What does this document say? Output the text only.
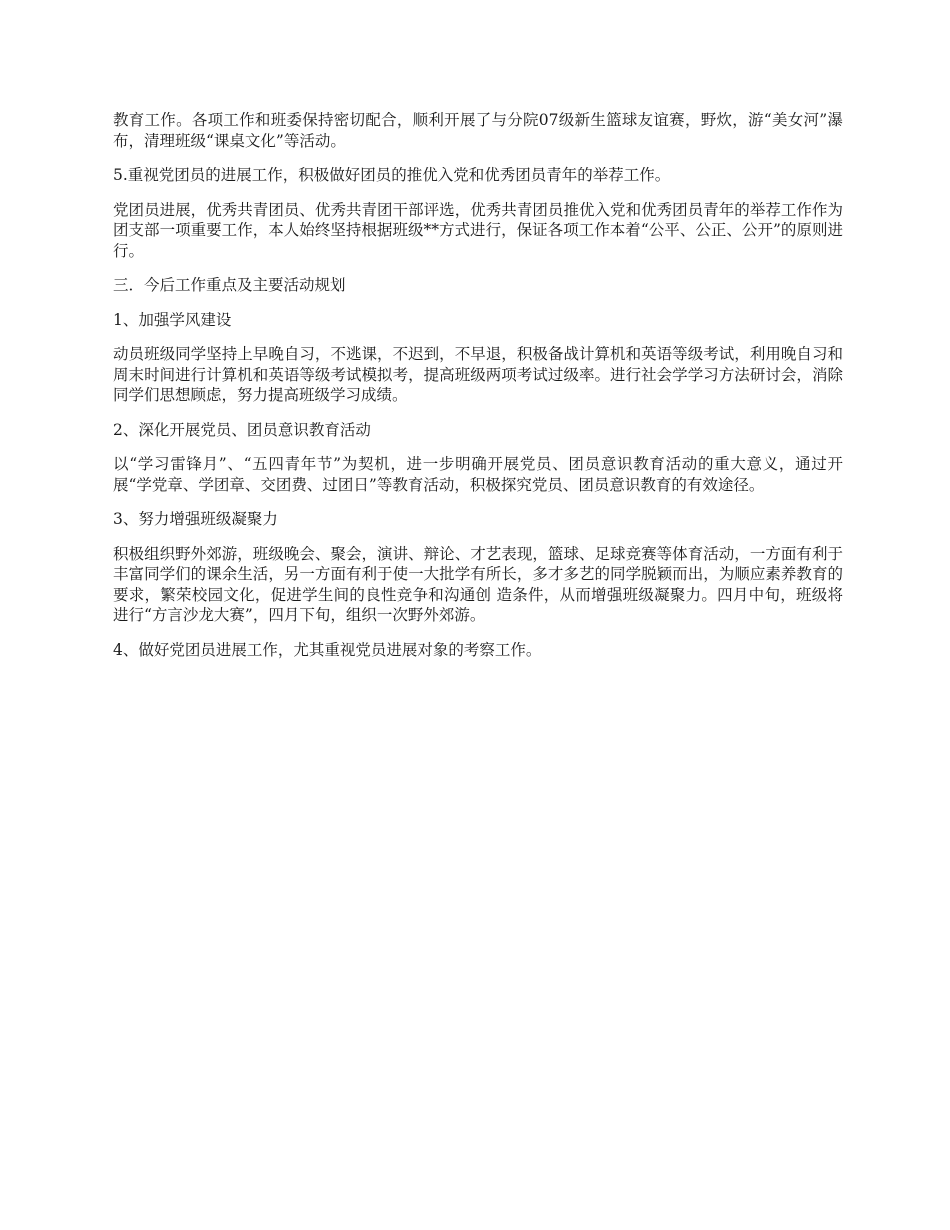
教育工作。各项工作和班委保持密切配合，顺利开展了与分院07级新生篮球友谊赛，野炊，游“美女河”瀑布，清理班级“课桌文化”等活动。

5.重视党团员的进展工作，积极做好团员的推优入党和优秀团员青年的举荐工作。

党团员进展，优秀共青团员、优秀共青团干部评选，优秀共青团员推优入党和优秀团员青年的举荐工作作为团支部一项重要工作，本人始终坚持根据班级**方式进行，保证各项工作本着“公平、公正、公开”的原则进行。

三．今后工作重点及主要活动规划

1、加强学风建设

动员班级同学坚持上早晚自习，不逃课，不迟到，不早退，积极备战计算机和英语等级考试，利用晚自习和周末时间进行计算机和英语等级考试模拟考，提高班级两项考试过级率。进行社会学学习方法研讨会，消除同学们思想顾虑，努力提高班级学习成绩。

2、深化开展党员、团员意识教育活动

以“学习雷锋月”、“五四青年节”为契机，进一步明确开展党员、团员意识教育活动的重大意义，通过开展“学党章、学团章、交团费、过团日”等教育活动，积极探究党员、团员意识教育的有效途径。

3、努力增强班级凝聚力

积极组织野外郊游，班级晚会、聚会，演讲、辩论、才艺表现，篮球、足球竞赛等体育活动，一方面有利于丰富同学们的课余生活，另一方面有利于使一大批学有所长，多才多艺的同学脱颖而出，为顺应素养教育的要求，繁荣校园文化，促进学生间的良性竞争和沟通创 造条件，从而增强班级凝聚力。四月中旬，班级将进行“方言沙龙大赛”，四月下旬，组织一次野外郊游。

4、做好党团员进展工作，尤其重视党员进展对象的考察工作。
